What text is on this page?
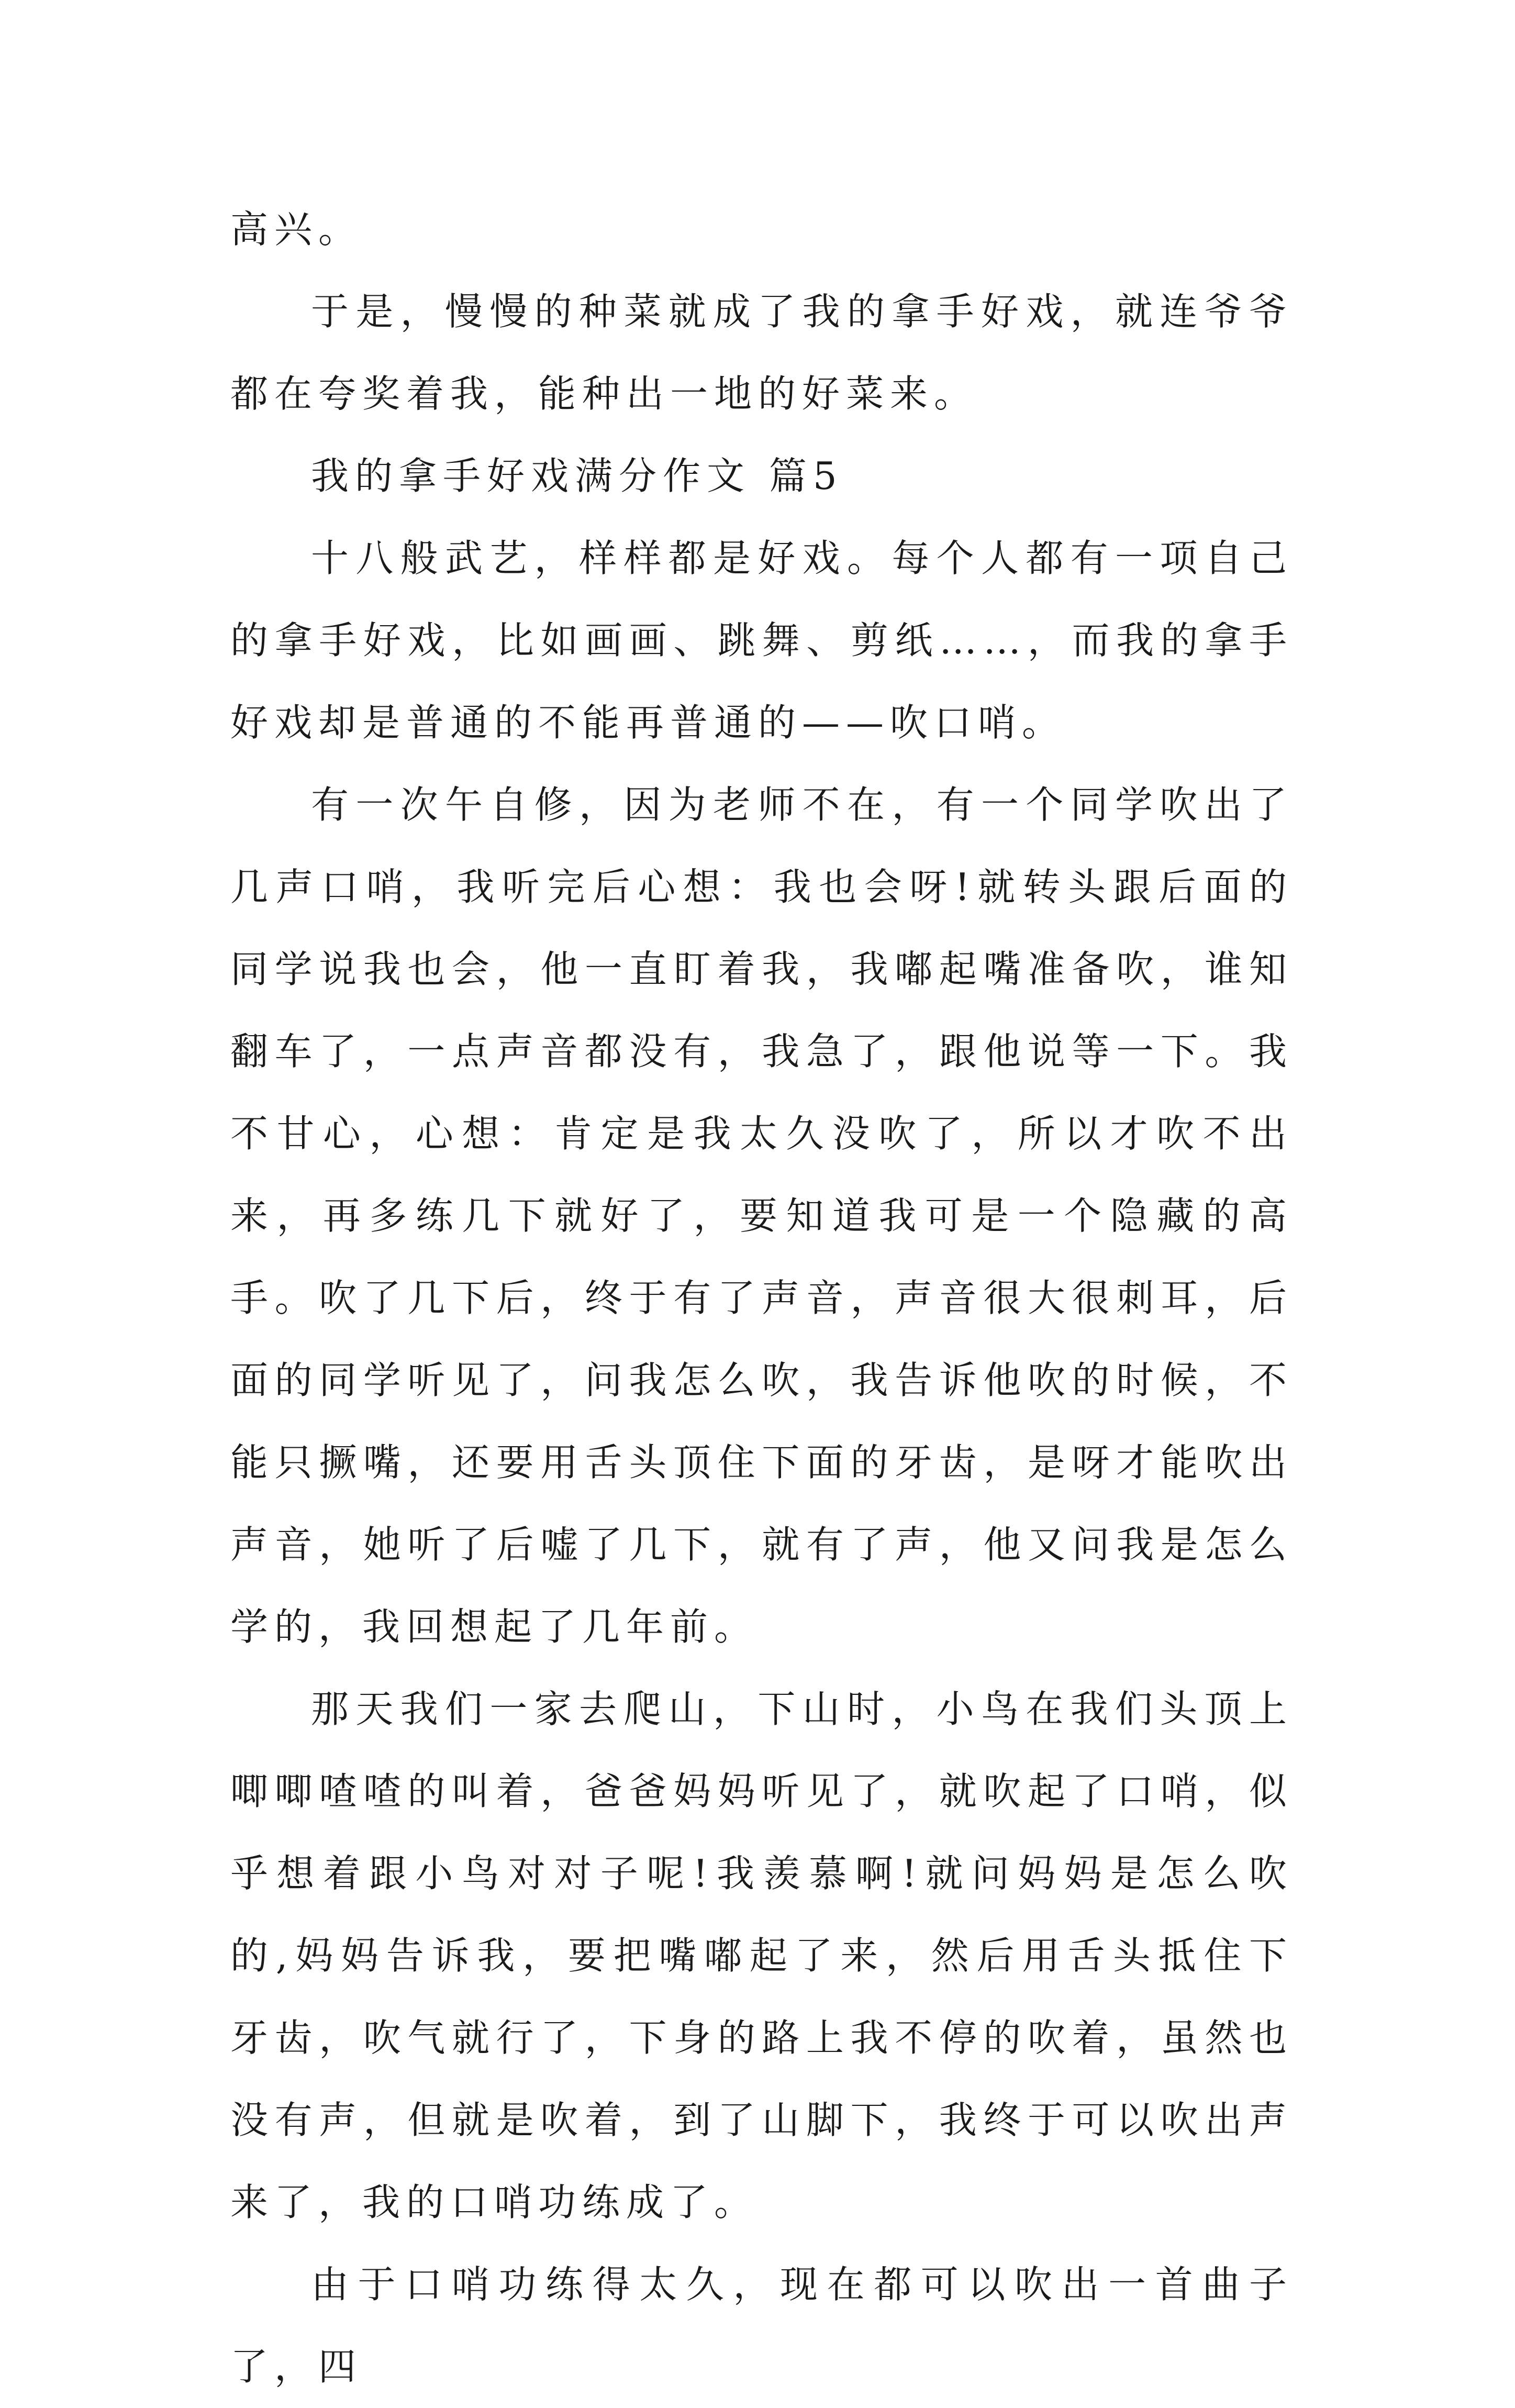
高兴。

于是，慢慢的种菜就成了我的拿手好戏，就连爷爷都在夸奖着我，能种出一地的好菜来。

我的拿手好戏满分作文 篇5

十八般武艺，样样都是好戏。每个人都有一项自己的拿手好戏，比如画画、跳舞、剪纸……，而我的拿手好戏却是普通的不能再普通的——吹口哨。

有一次午自修，因为老师不在，有一个同学吹出了几声口哨，我听完后心想：我也会呀!就转头跟后面的同学说我也会，他一直盯着我，我嘟起嘴准备吹，谁知翻车了，一点声音都没有，我急了，跟他说等一下。我不甘心，心想：肯定是我太久没吹了，所以才吹不出来，再多练几下就好了，要知道我可是一个隐藏的高手。吹了几下后，终于有了声音，声音很大很刺耳，后面的同学听见了，问我怎么吹，我告诉他吹的时候，不能只撅嘴，还要用舌头顶住下面的牙齿，是呀才能吹出声音，她听了后嘘了几下，就有了声，他又问我是怎么学的，我回想起了几年前。

那天我们一家去爬山，下山时，小鸟在我们头顶上唧唧喳喳的叫着，爸爸妈妈听见了，就吹起了口哨，似乎想着跟小鸟对对子呢!我羡慕啊!就问妈妈是怎么吹的,妈妈告诉我，要把嘴嘟起了来，然后用舌头抵住下牙齿，吹气就行了，下身的路上我不停的吹着，虽然也没有声，但就是吹着，到了山脚下，我终于可以吹出声来了，我的口哨功练成了。

由于口哨功练得太久，现在都可以吹出一首曲子了，四
